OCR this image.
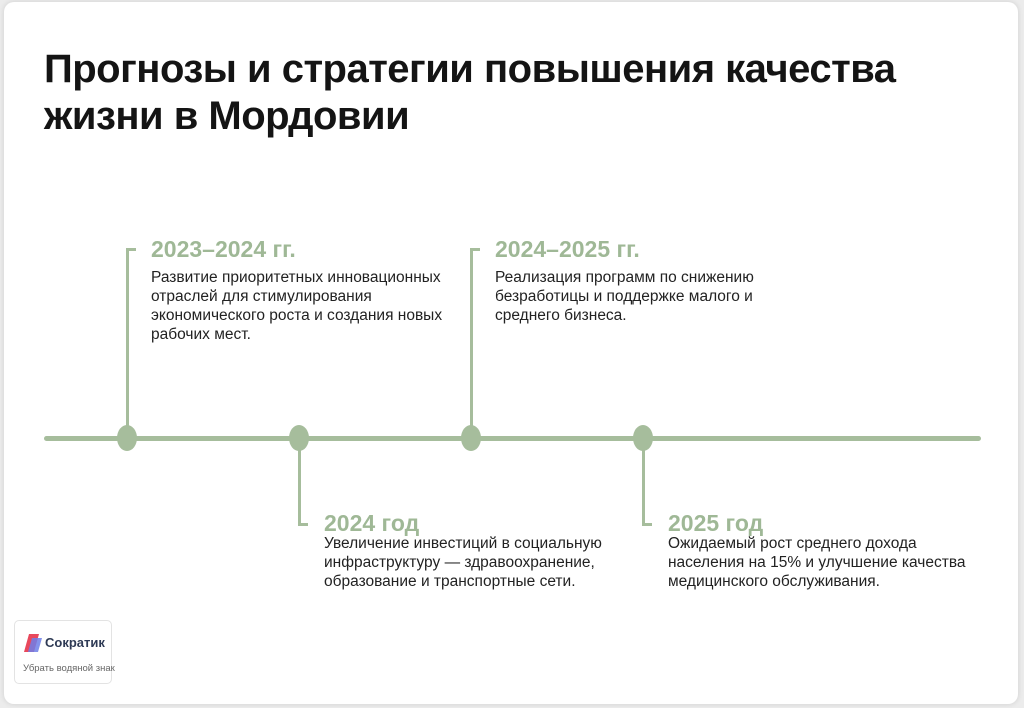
Прогнозы и стратегии повышения качества жизни в Мордовии
2023–2024 гг.

Развитие приоритетных инновационных отраслей для стимулирования экономического роста и создания новых рабочих мест.

2024 год

Увеличение инвестиций в социальную инфраструктуру — здравоохранение, образование и транспортные сети.

2024–2025 гг.

Реализация программ по снижению безработицы и поддержке малого и среднего бизнеса.

2025 год

Ожидаемый рост среднего дохода населения на 15% и улучшение качества медицинского обслуживания.

Сократик
Убрать водяной знак
